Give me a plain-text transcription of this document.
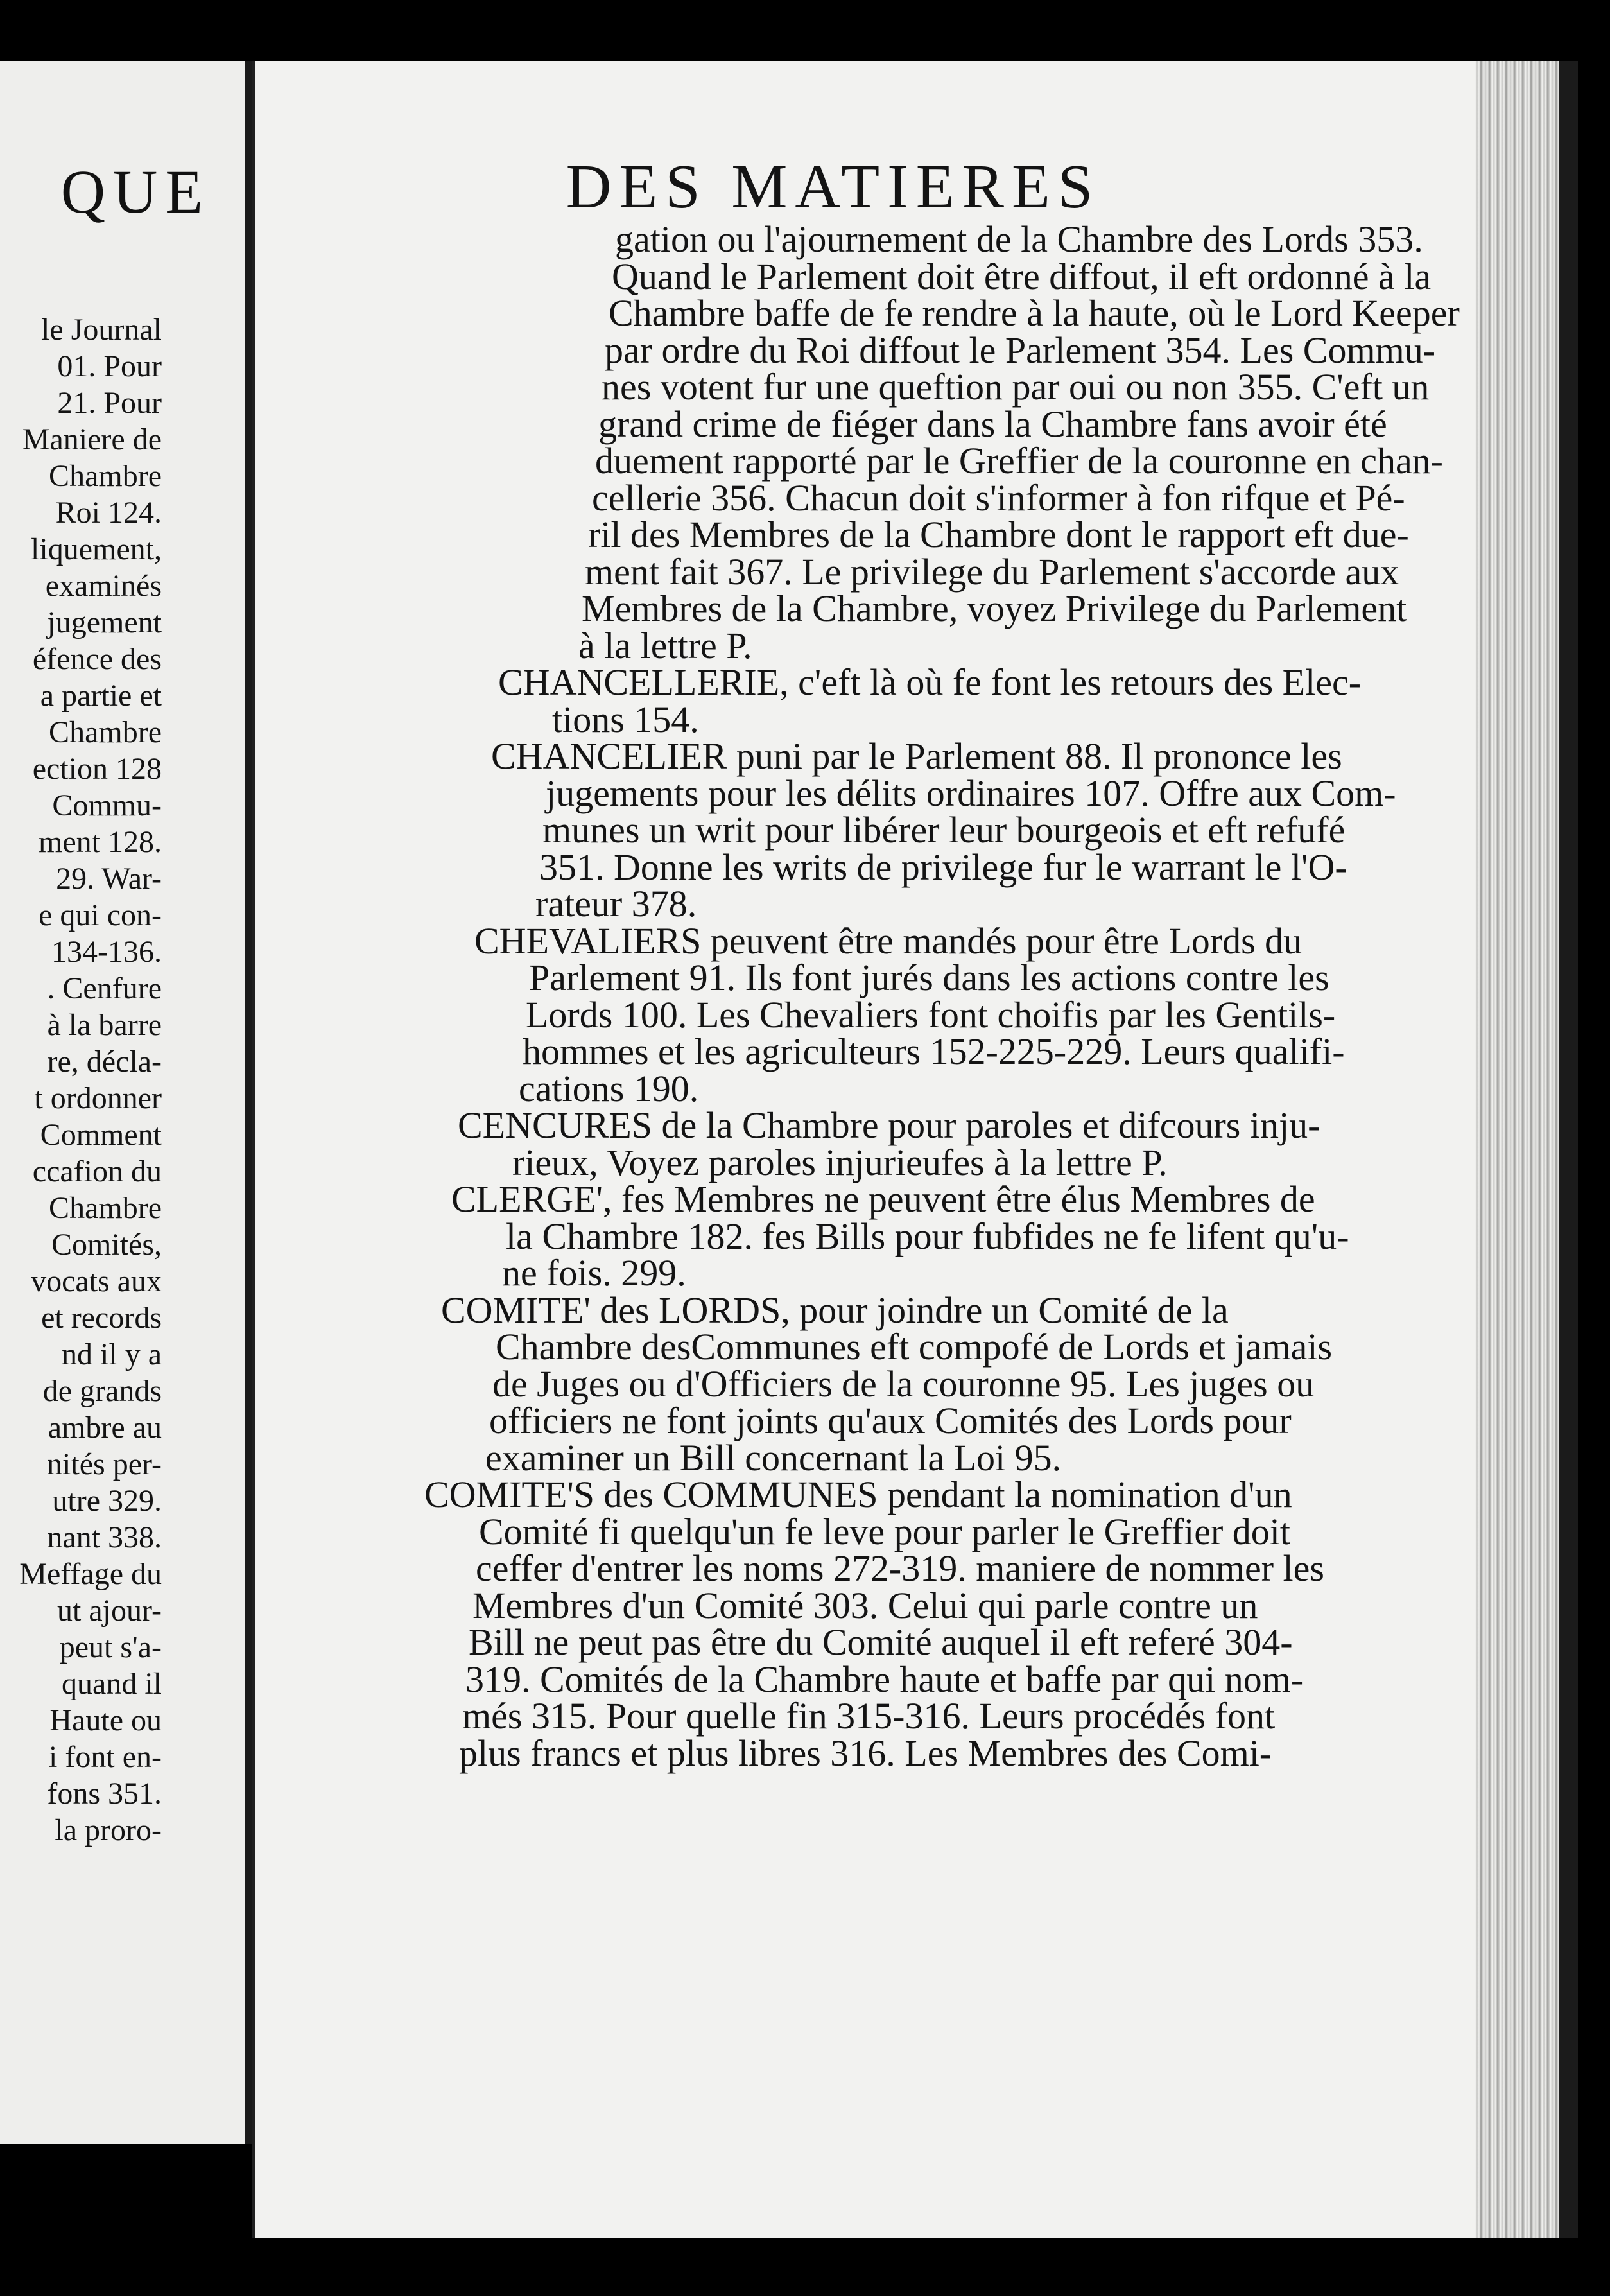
QUE
le Journal
01. Pour
21. Pour
Maniere de
Chambre
Roi 124.
liquement,
examinés
jugement
éfence des
a partie et
Chambre
ection 128
Commu-
ment 128.
29. War-
e qui con-
134-136.
. Cenfure
à la barre
re, décla-
t ordonner
Comment
ccafion du
Chambre
Comités,
vocats aux
et records
nd il y a
de grands
ambre au
nités per-
utre 329.
nant 338.
Meffage du
ut ajour-
peut s'a-
quand il
Haute ou
i font en-
fons 351.
la proro-
DES MATIERES
gation ou l'ajournement de la Chambre des Lords 353.
Quand le Parlement doit être diffout, il eft ordonné à la
Chambre baffe de fe rendre à la haute, où le Lord Keeper
par ordre du Roi diffout le Parlement 354. Les Commu-
nes votent fur une queftion par oui ou non 355. C'eft un
grand crime de fiéger dans la Chambre fans avoir été
duement rapporté par le Greffier de la couronne en chan-
cellerie 356. Chacun doit s'informer à fon rifque et Pé-
ril des Membres de la Chambre dont le rapport eft due-
ment fait 367. Le privilege du Parlement s'accorde aux
Membres de la Chambre, voyez Privilege du Parlement
à la lettre P.
CHANCELLERIE, c'eft là où fe font les retours des Elec-
tions 154.
CHANCELIER puni par le Parlement 88. Il prononce les
jugements pour les délits ordinaires 107. Offre aux Com-
munes un writ pour libérer leur bourgeois et eft refufé
351. Donne les writs de privilege fur le warrant le l'O-
rateur 378.
CHEVALIERS peuvent être mandés pour être Lords du
Parlement 91. Ils font jurés dans les actions contre les
Lords 100. Les Chevaliers font choifis par les Gentils-
hommes et les agriculteurs 152-225-229. Leurs qualifi-
cations 190.
CENCURES de la Chambre pour paroles et difcours inju-
rieux, Voyez paroles injurieufes à la lettre P.
CLERGE', fes Membres ne peuvent être élus Membres de
la Chambre 182. fes Bills pour fubfides ne fe lifent qu'u-
ne fois. 299.
COMITE' des LORDS, pour joindre un Comité de la
Chambre desCommunes eft compofé de Lords et jamais
de Juges ou d'Officiers de la couronne 95. Les juges ou
officiers ne font joints qu'aux Comités des Lords pour
examiner un Bill concernant la Loi 95.
COMITE'S des COMMUNES pendant la nomination d'un
Comité fi quelqu'un fe leve pour parler le Greffier doit
ceffer d'entrer les noms 272-319. maniere de nommer les
Membres d'un Comité 303. Celui qui parle contre un
Bill ne peut pas être du Comité auquel il eft referé 304-
319. Comités de la Chambre haute et baffe par qui nom-
més 315. Pour quelle fin 315-316. Leurs procédés font
plus francs et plus libres 316. Les Membres des Comi-
